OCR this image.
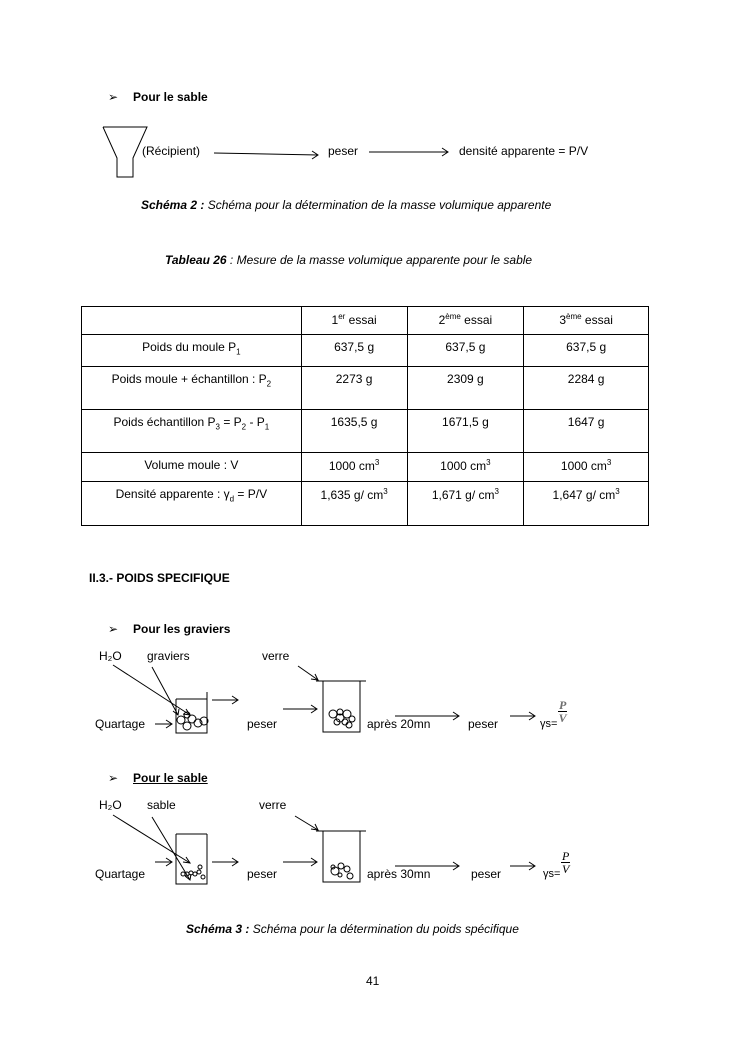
➢ Pour le sable
(Récipient)	peser	densité apparente = P/V
Schéma 2 : Schéma pour la détermination de la masse volumique apparente
Tableau 26 : Mesure de la masse volumique apparente pour le sable
	1er essai	2ème essai	3ème essai
Poids du moule $P_1$	637,5 g	637,5 g	637,5 g
Poids moule + échantillon : $P_2$	2273 g	2309 g	2284 g
Poids échantillon $P_3 = P_2 - P_1$	1635,5 g	1671,5 g	1647 g
Volume moule : V	1000 $cm^3$	1000 $cm^3$	1000 $cm^3$
Densité apparente : $\gamma_d = P/V$	1,635 g/ $cm^3$	1,671 g/ $cm^3$	1,647 g/ $cm^3$
II.3.- POIDS SPECIFIQUE
➢ Pour les graviers
H₂O graviers	verre
Quartage	peser	après 20mn	peser	$\gamma s= \frac{P}{V}$
➢ Pour le sable
H₂O sable	verre
Quartage	peser	après 30mn	peser	$\gamma s= \frac{P}{V}$
Schéma 3 : Schéma pour la détermination du poids spécifique
41
